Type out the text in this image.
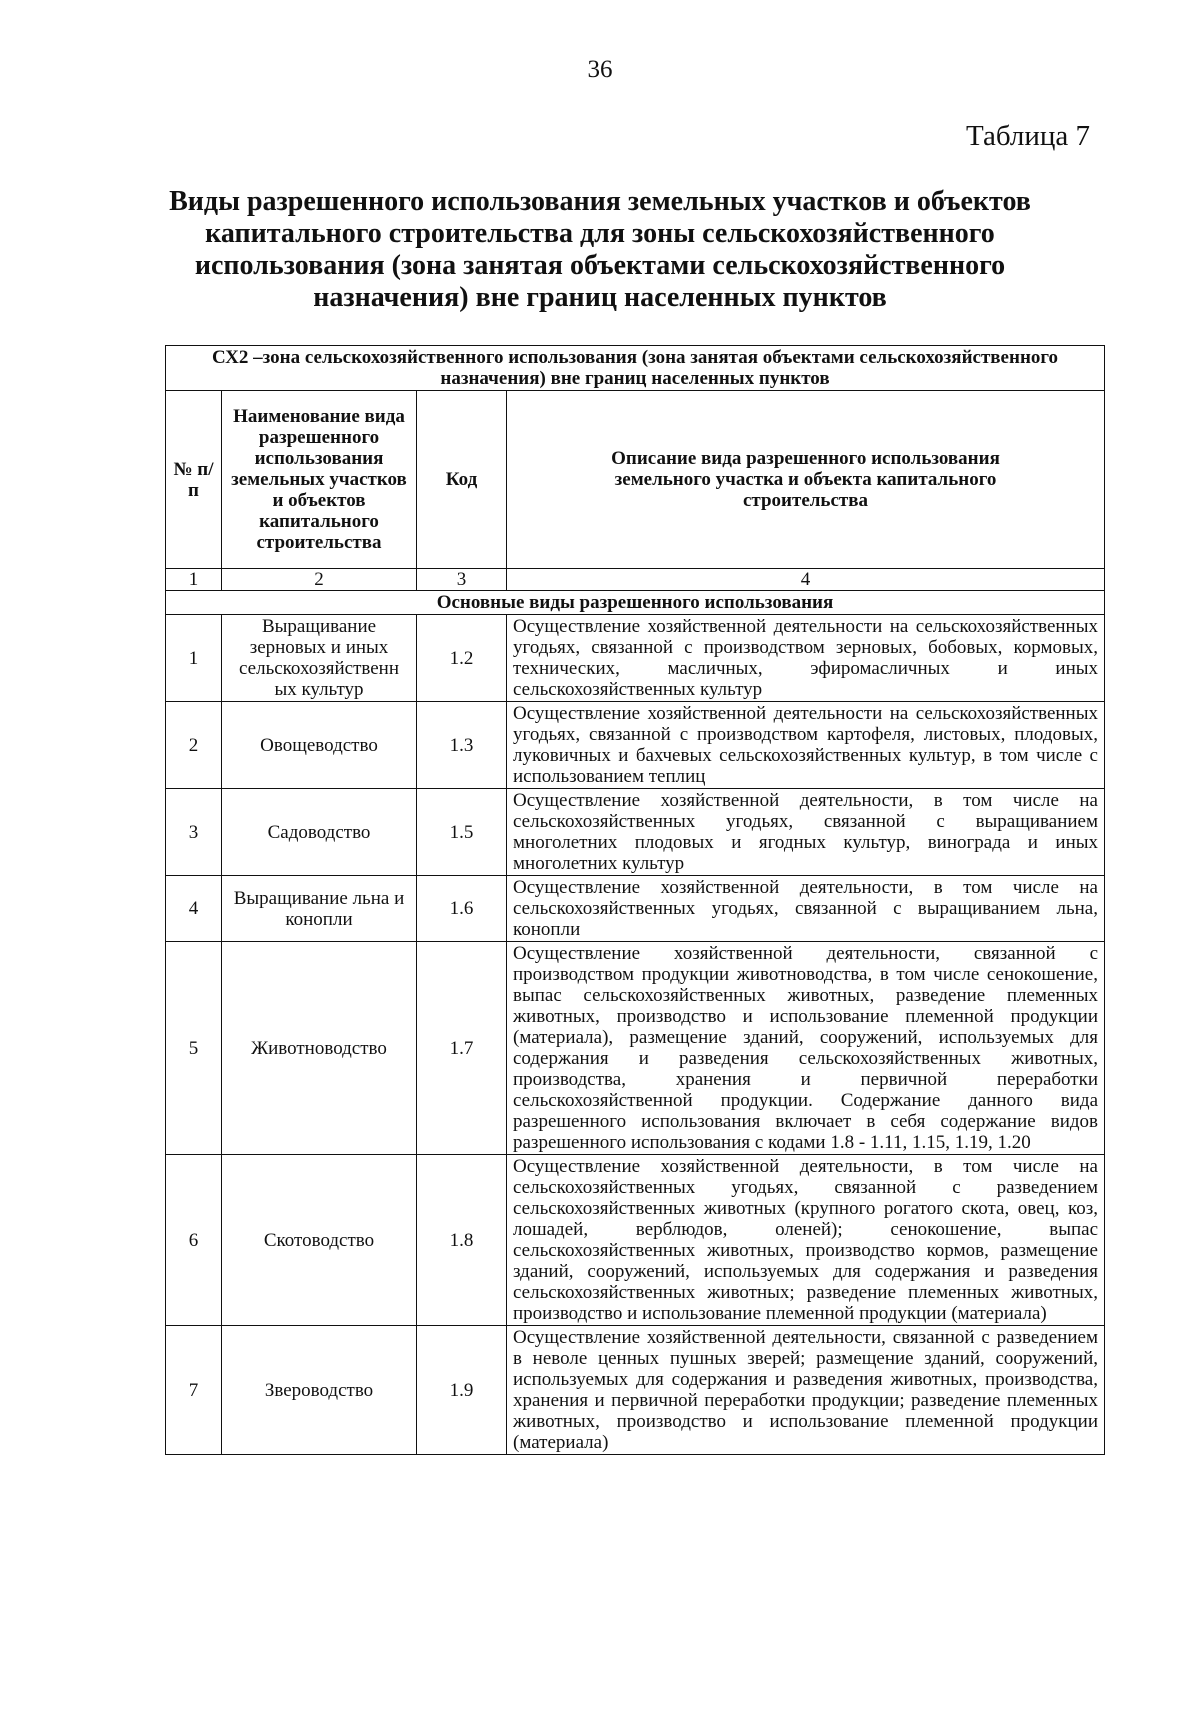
36
Таблица 7
Виды разрешенного использования земельных участков и объектов капитального строительства для зоны сельскохозяйственного использования (зона занятая объектами сельскохозяйственного назначения) вне границ населенных пунктов
СХ2 –зона сельскохозяйственного использования (зона занятая объектами сельскохозяйственного назначения) вне границ населенных пунктов			
№ п/п	Наименование вида разрешенного использования земельных участков и объектов капитального строительства	Код	Описание вида разрешенного использования земельного участка и объекта капитального строительства
1	2	3	4
Основные виды разрешенного использования			
1	Выращивание зерновых и иных сельскохозяйственн ых культур	1.2	Осуществление хозяйственной деятельности на сельскохозяйственных угодьях, связанной с производством зерновых, бобовых, кормовых, технических, масличных, эфиромасличных и иных сельскохозяйственных культур
2	Овощеводство	1.3	Осуществление хозяйственной деятельности на сельскохозяйственных угодьях, связанной с производством картофеля, листовых, плодовых, луковичных и бахчевых сельскохозяйственных культур, в том числе с использованием теплиц
3	Садоводство	1.5	Осуществление хозяйственной деятельности, в том числе на сельскохозяйственных угодьях, связанной с выращиванием многолетних плодовых и ягодных культур, винограда и иных многолетних культур
4	Выращивание льна и конопли	1.6	Осуществление хозяйственной деятельности, в том числе на сельскохозяйственных угодьях, связанной с выращиванием льна, конопли
5	Животноводство	1.7	Осуществление хозяйственной деятельности, связанной с производством продукции животноводства, в том числе сенокошение, выпас сельскохозяйственных животных, разведение племенных животных, производство и использование племенной продукции (материала), размещение зданий, сооружений, используемых для содержания и разведения сельскохозяйственных животных, производства, хранения и первичной переработки сельскохозяйственной продукции. Содержание данного вида разрешенного использования включает в себя содержание видов разрешенного использования с кодами 1.8 - 1.11, 1.15, 1.19, 1.20
6	Скотоводство	1.8	Осуществление хозяйственной деятельности, в том числе на сельскохозяйственных угодьях, связанной с разведением сельскохозяйственных животных (крупного рогатого скота, овец, коз, лошадей, верблюдов, оленей); сенокошение, выпас сельскохозяйственных животных, производство кормов, размещение зданий, сооружений, используемых для содержания и разведения сельскохозяйственных животных; разведение племенных животных, производство и использование племенной продукции (материала)
7	Звероводство	1.9	Осуществление хозяйственной деятельности, связанной с разведением в неволе ценных пушных зверей; размещение зданий, сооружений, используемых для содержания и разведения животных, производства, хранения и первичной переработки продукции; разведение племенных животных, производство и использование племенной продукции (материала)
